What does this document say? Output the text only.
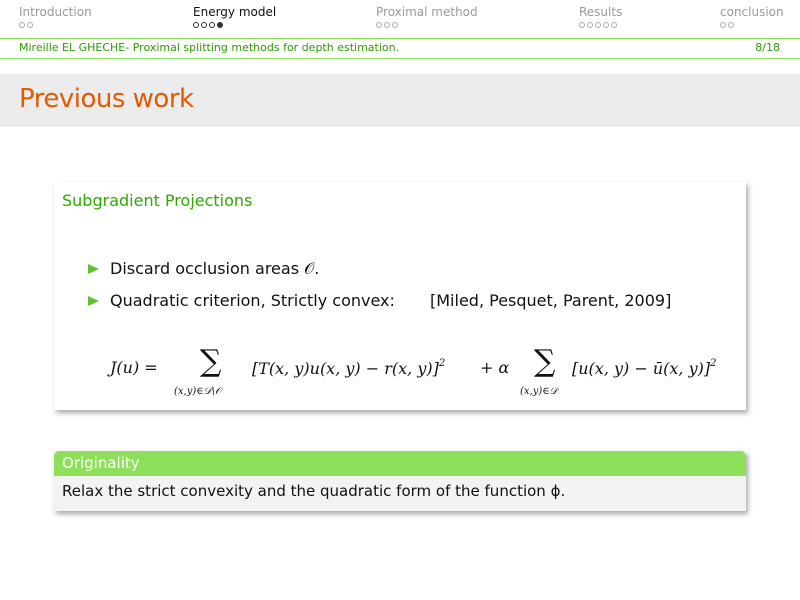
Introduction	Energy model	Proximal method	Results	conclusion
Mireille EL GHECHE- Proximal splitting methods for depth estimation.	8/18
Previous work
Subgradient Projections
Discard occlusion areas 𝒪.
Quadratic criterion, Strictly convex: [Miled, Pesquet, Parent, 2009]
J(u) = ∑
(x,y)∈𝒟\𝒪
[T(x, y)u(x, y) − r(x, y)]$^2$ + α ∑
(x,y)∈𝒟
[u(x, y) − ū(x, y)]$^2$
Originality
Relax the strict convexity and the quadratic form of the function ϕ.
